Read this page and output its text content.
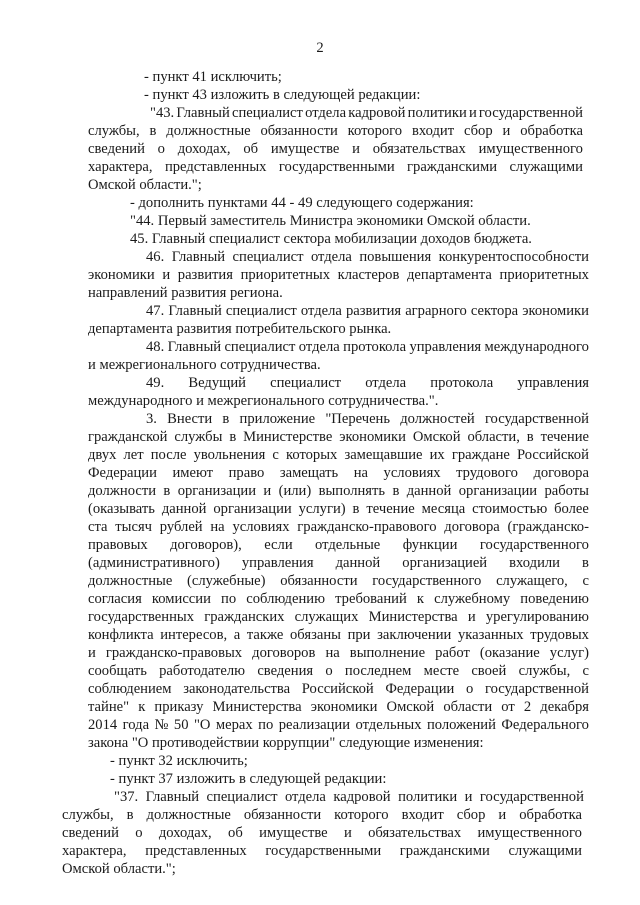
2
- пункт 41 исключить;
- пункт 43 изложить в следующей редакции:
"43. Главный специалист отдела кадровой политики и государственной
службы, в должностные обязанности которого входит сбор и обработка
сведений о доходах, об имуществе и обязательствах имущественного
характера, представленных государственными гражданскими служащими
Омской области.";
- дополнить пунктами 44 - 49 следующего содержания:
"44. Первый заместитель Министра экономики Омской области.
45. Главный специалист сектора мобилизации доходов бюджета.
46. Главный специалист отдела повышения конкурентоспособности
экономики и развития приоритетных кластеров департамента приоритетных
направлений развития региона.
47. Главный специалист отдела развития аграрного сектора экономики
департамента развития потребительского рынка.
48. Главный специалист отдела протокола управления международного
и межрегионального сотрудничества.
49. Ведущий специалист отдела протокола управления
международного и межрегионального сотрудничества.".
3. Внести в приложение "Перечень должностей государственной
гражданской службы в Министерстве экономики Омской области, в течение
двух лет после увольнения с которых замещавшие их граждане Российской
Федерации имеют право замещать на условиях трудового договора
должности в организации и (или) выполнять в данной организации работы
(оказывать данной организации услуги) в течение месяца стоимостью более
ста тысяч рублей на условиях гражданско-правового договора (гражданско-
правовых договоров), если отдельные функции государственного
(административного) управления данной организацией входили в
должностные (служебные) обязанности государственного служащего, с
согласия комиссии по соблюдению требований к служебному поведению
государственных гражданских служащих Министерства и урегулированию
конфликта интересов, а также обязаны при заключении указанных трудовых
и гражданско-правовых договоров на выполнение работ (оказание услуг)
сообщать работодателю сведения о последнем месте своей службы, с
соблюдением законодательства Российской Федерации о государственной
тайне" к приказу Министерства экономики Омской области от 2 декабря
2014 года № 50 "О мерах по реализации отдельных положений Федерального
закона "О противодействии коррупции" следующие изменения:
- пункт 32 исключить;
- пункт 37 изложить в следующей редакции:
"37. Главный специалист отдела кадровой политики и государственной
службы, в должностные обязанности которого входит сбор и обработка
сведений о доходах, об имуществе и обязательствах имущественного
характера, представленных государственными гражданскими служащими
Омской области.";
